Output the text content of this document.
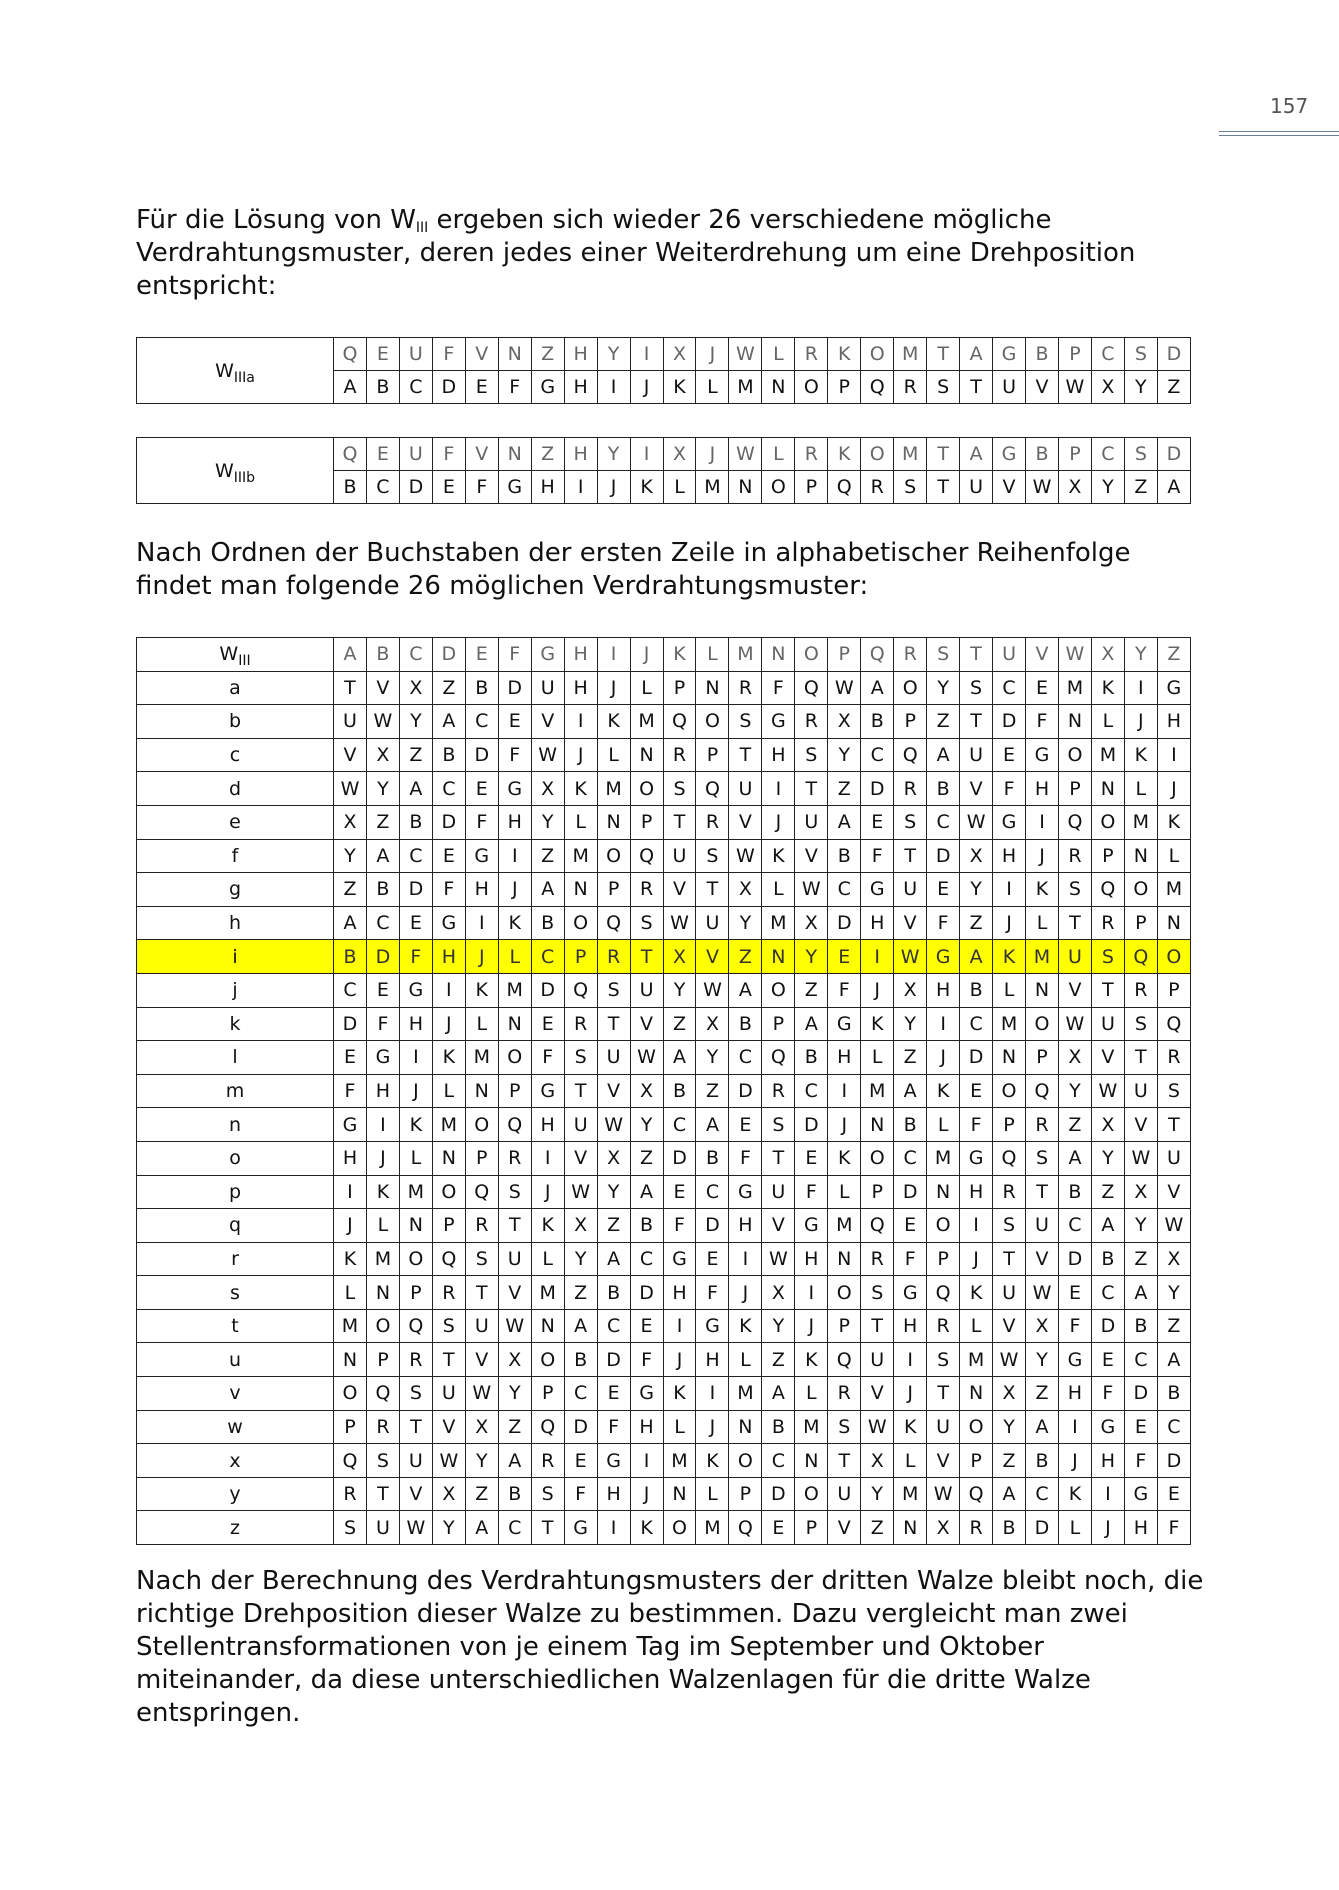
157

Für die Lösung von $W_{III}$ ergeben sich wieder 26 verschiedene mögliche Verdrahtungsmuster, deren jedes einer Weiterdrehung um eine Drehposition entspricht:

$W_{IIIa}$	Q	E	U	F	V	N	Z	H	Y	I	X	J	W	L	R	K	O	M	T	A	G	B	P	C	S	D
	A	B	C	D	E	F	G	H	I	J	K	L	M	N	O	P	Q	R	S	T	U	V	W	X	Y	Z
$W_{IIIb}$	Q	E	U	F	V	N	Z	H	Y	I	X	J	W	L	R	K	O	M	T	A	G	B	P	C	S	D
	B	C	D	E	F	G	H	I	J	K	L	M	N	O	P	Q	R	S	T	U	V	W	X	Y	Z	A

Nach Ordnen der Buchstaben der ersten Zeile in alphabetischer Reihenfolge findet man folgende 26 möglichen Verdrahtungsmuster:

$W_{III}$	A	B	C	D	E	F	G	H	I	J	K	L	M	N	O	P	Q	R	S	T	U	V	W	X	Y	Z
a	T	V	X	Z	B	D	U	H	J	L	P	N	R	F	Q	W	A	O	Y	S	C	E	M	K	I	G
b	U	W	Y	A	C	E	V	I	K	M	Q	O	S	G	R	X	B	P	Z	T	D	F	N	L	J	H
c	V	X	Z	B	D	F	W	J	L	N	R	P	T	H	S	Y	C	Q	A	U	E	G	O	M	K	I
d	W	Y	A	C	E	G	X	K	M	O	S	Q	U	I	T	Z	D	R	B	V	F	H	P	N	L	J
e	X	Z	B	D	F	H	Y	L	N	P	T	R	V	J	U	A	E	S	C	W	G	I	Q	O	M	K
f	Y	A	C	E	G	I	Z	M	O	Q	U	S	W	K	V	B	F	T	D	X	H	J	R	P	N	L
g	Z	B	D	F	H	J	A	N	P	R	V	T	X	L	W	C	G	U	E	Y	I	K	S	Q	O	M
h	A	C	E	G	I	K	B	O	Q	S	W	U	Y	M	X	D	H	V	F	Z	J	L	T	R	P	N
i	B	D	F	H	J	L	C	P	R	T	X	V	Z	N	Y	E	I	W	G	A	K	M	U	S	Q	O
j	C	E	G	I	K	M	D	Q	S	U	Y	W	A	O	Z	F	J	X	H	B	L	N	V	T	R	P
k	D	F	H	J	L	N	E	R	T	V	Z	X	B	P	A	G	K	Y	I	C	M	O	W	U	S	Q
l	E	G	I	K	M	O	F	S	U	W	A	Y	C	Q	B	H	L	Z	J	D	N	P	X	V	T	R
m	F	H	J	L	N	P	G	T	V	X	B	Z	D	R	C	I	M	A	K	E	O	Q	Y	W	U	S
n	G	I	K	M	O	Q	H	U	W	Y	C	A	E	S	D	J	N	B	L	F	P	R	Z	X	V	T
o	H	J	L	N	P	R	I	V	X	Z	D	B	F	T	E	K	O	C	M	G	Q	S	A	Y	W	U
p	I	K	M	O	Q	S	J	W	Y	A	E	C	G	U	F	L	P	D	N	H	R	T	B	Z	X	V
q	J	L	N	P	R	T	K	X	Z	B	F	D	H	V	G	M	Q	E	O	I	S	U	C	A	Y	W
r	K	M	O	Q	S	U	L	Y	A	C	G	E	I	W	H	N	R	F	P	J	T	V	D	B	Z	X
s	L	N	P	R	T	V	M	Z	B	D	H	F	J	X	I	O	S	G	Q	K	U	W	E	C	A	Y
t	M	O	Q	S	U	W	N	A	C	E	I	G	K	Y	J	P	T	H	R	L	V	X	F	D	B	Z
u	N	P	R	T	V	X	O	B	D	F	J	H	L	Z	K	Q	U	I	S	M	W	Y	G	E	C	A
v	O	Q	S	U	W	Y	P	C	E	G	K	I	M	A	L	R	V	J	T	N	X	Z	H	F	D	B
w	P	R	T	V	X	Z	Q	D	F	H	L	J	N	B	M	S	W	K	U	O	Y	A	I	G	E	C
x	Q	S	U	W	Y	A	R	E	G	I	M	K	O	C	N	T	X	L	V	P	Z	B	J	H	F	D
y	R	T	V	X	Z	B	S	F	H	J	N	L	P	D	O	U	Y	M	W	Q	A	C	K	I	G	E
z	S	U	W	Y	A	C	T	G	I	K	O	M	Q	E	P	V	Z	N	X	R	B	D	L	J	H	F

Nach der Berechnung des Verdrahtungsmusters der dritten Walze bleibt noch, die richtige Drehposition dieser Walze zu bestimmen. Dazu vergleicht man zwei Stellentransformationen von je einem Tag im September und Oktober miteinander, da diese unterschiedlichen Walzenlagen für die dritte Walze entspringen.
